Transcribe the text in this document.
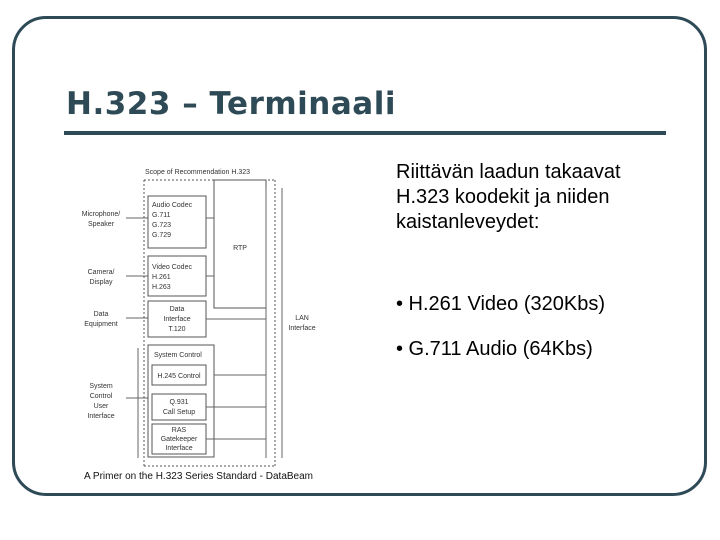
H.323 – Terminaali
Riittävän laadun takaavat H.323 koodekit ja niiden kaistanleveydet:
• H.261 Video (320Kbs)
• G.711 Audio (64Kbs)
Scope of Recommendation H.323
Microphone/
Speaker
Camera/
Display
Data
Equipment
System
Control
User
Interface
Audio Codec
G.711
G.723
G.729
Video Codec
H.261
H.263
Data
Interface
T.120
RTP
System Control
H.245 Control
Q.931
Call Setup
RAS
Gatekeeper
Interface
LAN
Interface
A Primer on the H.323 Series Standard - DataBeam
